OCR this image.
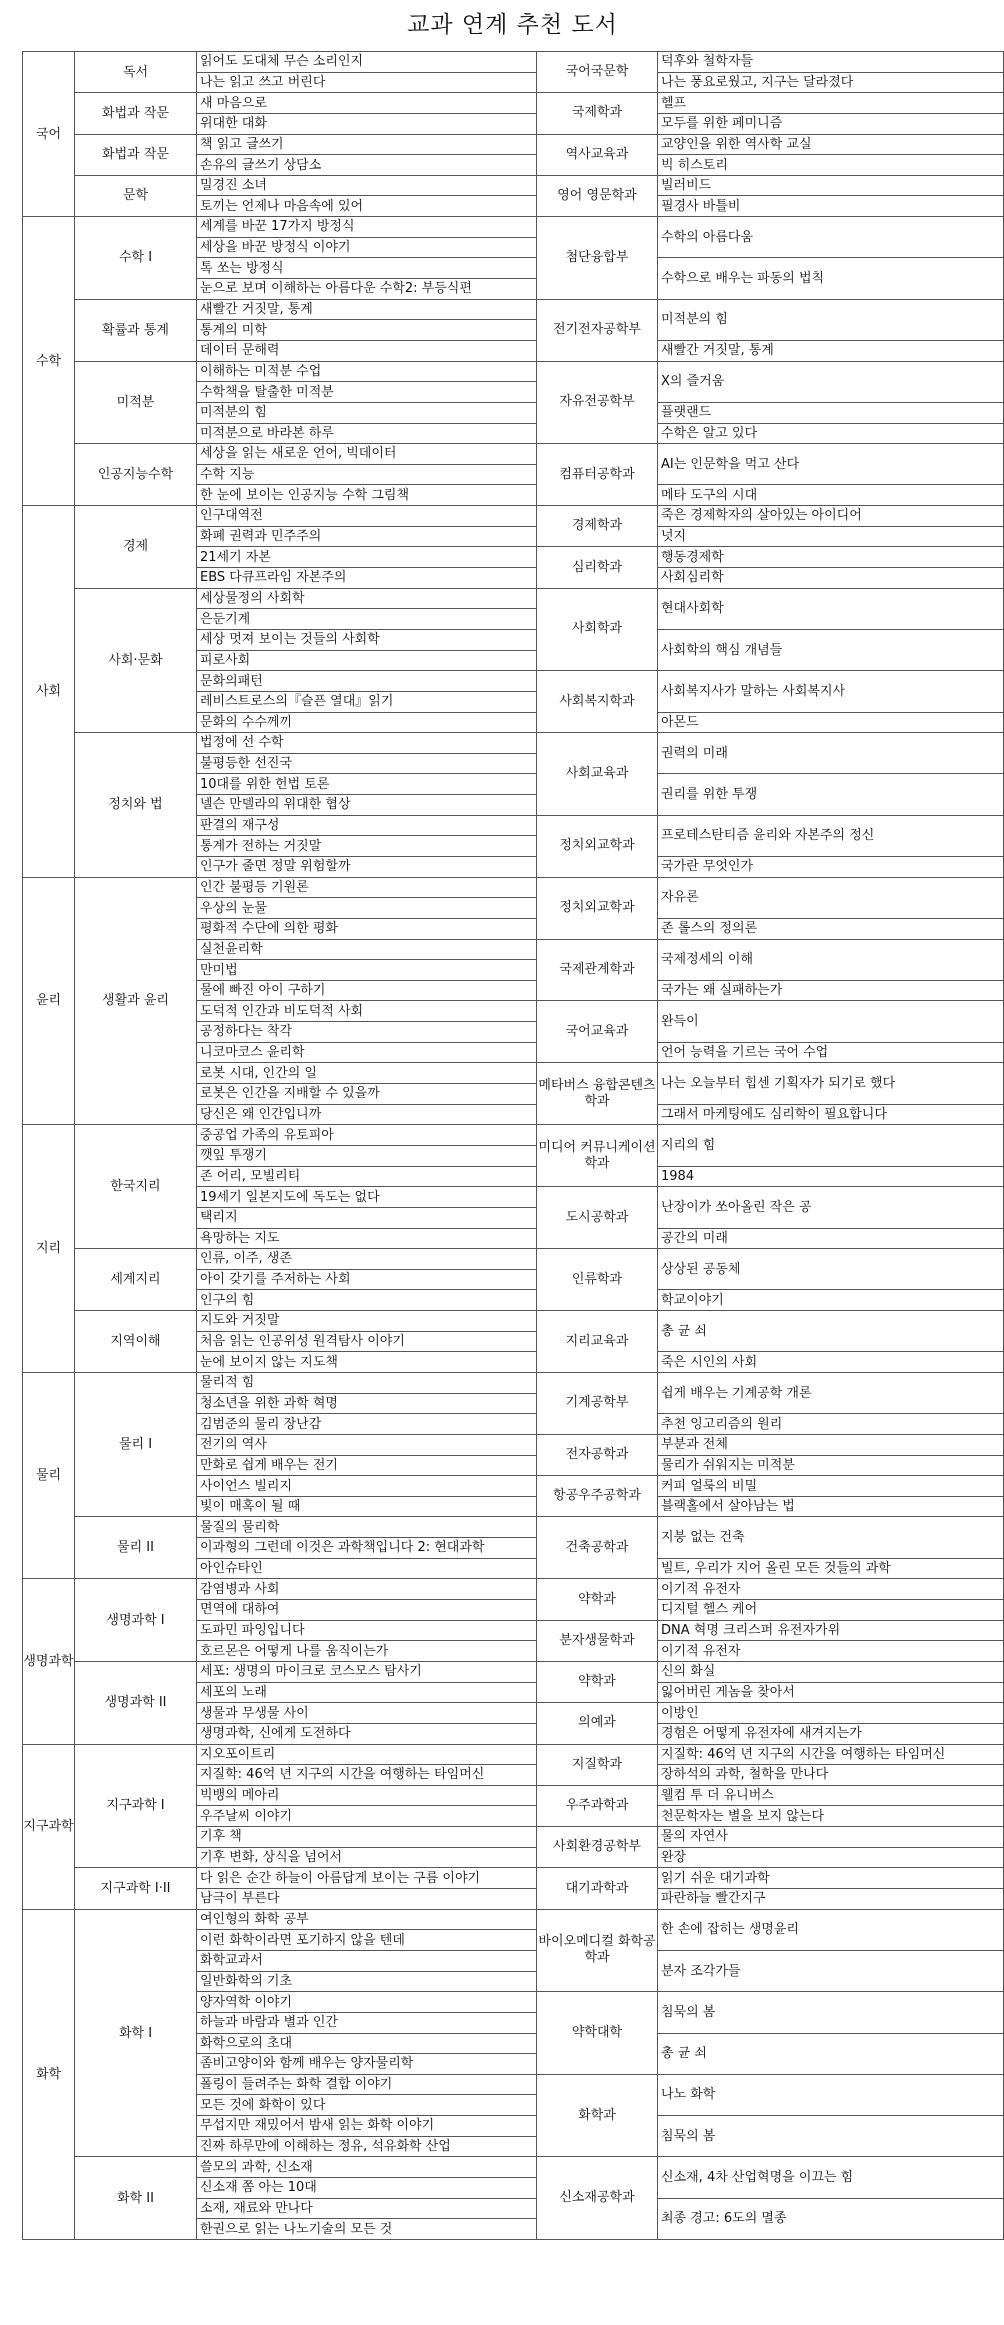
교과 연계 추천 도서
국어	독서	읽어도 도대체 무슨 소리인지	국어국문학	덕후와 철학자들
		나는 읽고 쓰고 버린다		나는 풍요로웠고, 지구는 달라졌다
	화법과 작문	새 마음으로	국제학과	헬프
		위대한 대화		모두를 위한 페미니즘
	화법과 작문	책 읽고 글쓰기	역사교육과	교양인을 위한 역사학 교실
		손유의 글쓰기 상담소		빅 히스토리
	문학	밀경진 소녀	영어 영문학과	빌러비드
		토끼는 언제나 마음속에 있어		필경사 바틀비
수학	수학 I	세계를 바꾼 17가지 방정식	첨단융합부	수학의 아름다움
		세상을 바꾼 방정식 이야기		
		톡 쏘는 방정식		수학으로 배우는 파동의 법칙
		눈으로 보며 이해하는 아름다운 수학2: 부등식편		
	확률과 통계	새빨간 거짓말, 통계	전기전자공학부	미적분의 힘
		통계의 미학		
		데이터 문해력		새빨간 거짓말, 통계
	미적분	이해하는 미적분 수업	자유전공학부	X의 즐거움
		수학책을 탈출한 미적분		
		미적분의 힘		플랫랜드
		미적분으로 바라본 하루		수학은 알고 있다
	인공지능수학	세상을 읽는 새로운 언어, 빅데이터	컴퓨터공학과	AI는 인문학을 먹고 산다
		수학 지능		
		한 눈에 보이는 인공지능 수학 그림책		메타 도구의 시대
사회	경제	인구대역전	경제학과	죽은 경제학자의 살아있는 아이디어
		화폐 권력과 민주주의		넛지
		21세기 자본	심리학과	행동경제학
		EBS 다큐프라임 자본주의		사회심리학
	사회·문화	세상물정의 사회학	사회학과	현대사회학
		은둔기계		
		세상 멋져 보이는 것들의 사회학		사회학의 핵심 개념들
		피로사회		
		문화의패턴	사회복지학과	사회복지사가 말하는 사회복지사
		레비스트로스의『슬픈 열대』읽기		
		문화의 수수께끼		아몬드
	정치와 법	법정에 선 수학	사회교육과	권력의 미래
		불평등한 선진국		
		10대를 위한 헌법 토론		권리를 위한 투쟁
		넬슨 만델라의 위대한 협상		
		판결의 재구성	정치외교학과	프로테스탄티즘 윤리와 자본주의 정신
		통계가 전하는 거짓말		
		인구가 줄면 정말 위험할까		국가란 무엇인가
윤리	생활과 윤리	인간 불평등 기원론	정치외교학과	자유론
		우상의 눈물		
		평화적 수단에 의한 평화		존 롤스의 정의론
		실천윤리학	국제관계학과	국제정세의 이해
		만미법		
		물에 빠진 아이 구하기		국가는 왜 실패하는가
		도덕적 인간과 비도덕적 사회	국어교육과	완득이
		공정하다는 착각		
		니코마코스 윤리학		언어 능력을 기르는 국어 수업
		로봇 시대, 인간의 일	메타버스 융합콘텐츠학과	나는 오늘부터 힙센 기획자가 되기로 했다
		로봇은 인간을 지배할 수 있을까		
		당신은 왜 인간입니까		그래서 마케팅에도 심리학이 필요합니다
지리	한국지리	중공업 가족의 유토피아	미디어 커뮤니케이션학과	지리의 힘
		깻잎 투쟁기		
		존 어리, 모빌리티		1984
		19세기 일본지도에 독도는 없다	도시공학과	난장이가 쏘아올린 작은 공
		택리지		
		욕망하는 지도		공간의 미래
	세계지리	인류, 이주, 생존	인류학과	상상된 공동체
		아이 갖기를 주저하는 사회		
		인구의 힘		학교이야기
	지역이해	지도와 거짓말	지리교육과	총 균 쇠
		처음 읽는 인공위성 원격탐사 이야기		
		눈에 보이지 않는 지도책		죽은 시인의 사회
물리	물리 I	물리적 힘	기계공학부	쉽게 배우는 기계공학 개론
		청소년을 위한 과학 혁명		
		김범준의 물리 장난감		추천 잉고리즘의 원리
		전기의 역사	전자공학과	부분과 전체
		만화로 쉽게 배우는 전기		물리가 쉬워지는 미적분
		사이언스 빌리지	항공우주공학과	커피 얼룩의 비밀
		빛이 매혹이 될 때		블랙홀에서 살아남는 법
	물리 II	물질의 물리학	건축공학과	지붕 없는 건축
		이과형의 그런데 이것은 과학책입니다 2: 현대과학		
		아인슈타인		빌트, 우리가 지어 올린 모든 것들의 과학
생명과학	생명과학 I	감염병과 사회	약학과	이기적 유전자
		면역에 대하여		디지털 헬스 케어
		도파민 파잉입니다	분자생물학과	DNA 혁명 크리스퍼 유전자가위
		호르몬은 어떻게 나를 움직이는가		이기적 유전자
	생명과학 II	세포: 생명의 마이크로 코스모스 탐사기	약학과	신의 화실
		세포의 노래		잃어버린 게놈을 찾아서
		생물과 무생물 사이	의예과	이방인
		생명과학, 신에게 도전하다		경험은 어떻게 유전자에 새겨지는가
지구과학	지구과학 I	지오포이트리	지질학과	지질학: 46억 년 지구의 시간을 여행하는 타임머신
		지질학: 46억 년 지구의 시간을 여행하는 타임머신		장하석의 과학, 철학을 만나다
		빅뱅의 메아리	우주과학과	웰컴 투 더 유니버스
		우주날씨 이야기		천문학자는 별을 보지 않는다
		기후 책	사회환경공학부	물의 자연사
		기후 변화, 상식을 넘어서		완장
	지구과학 I·II	다 읽은 순간 하늘이 아름답게 보이는 구름 이야기	대기과학과	읽기 쉬운 대기과학
		남극이 부른다		파란하늘 빨간지구
화학	화학 I	여인형의 화학 공부	바이오메디컬 화학공학과	한 손에 잡히는 생명윤리
		이런 화학이라면 포기하지 않을 텐데		
		화학교과서		분자 조각가들
		일반화학의 기초		
		양자역학 이야기	약학대학	침묵의 봄
		하늘과 바람과 별과 인간		
		화학으로의 초대		총 균 쇠
		좀비고양이와 함께 배우는 양자물리학		
		폴링이 들려주는 화학 결합 이야기	화학과	나노 화학
		모든 것에 화학이 있다		
		무섭지만 재밌어서 밤새 읽는 화학 이야기		침묵의 봄
		진짜 하루만에 이해하는 정유, 석유화학 산업		
	화학 II	쓸모의 과학, 신소재	신소재공학과	신소재, 4차 산업혁명을 이끄는 힘
		신소재 쫌 아는 10대		
		소재, 재료와 만나다		최종 경고: 6도의 멸종
		한권으로 읽는 나노기술의 모든 것		
